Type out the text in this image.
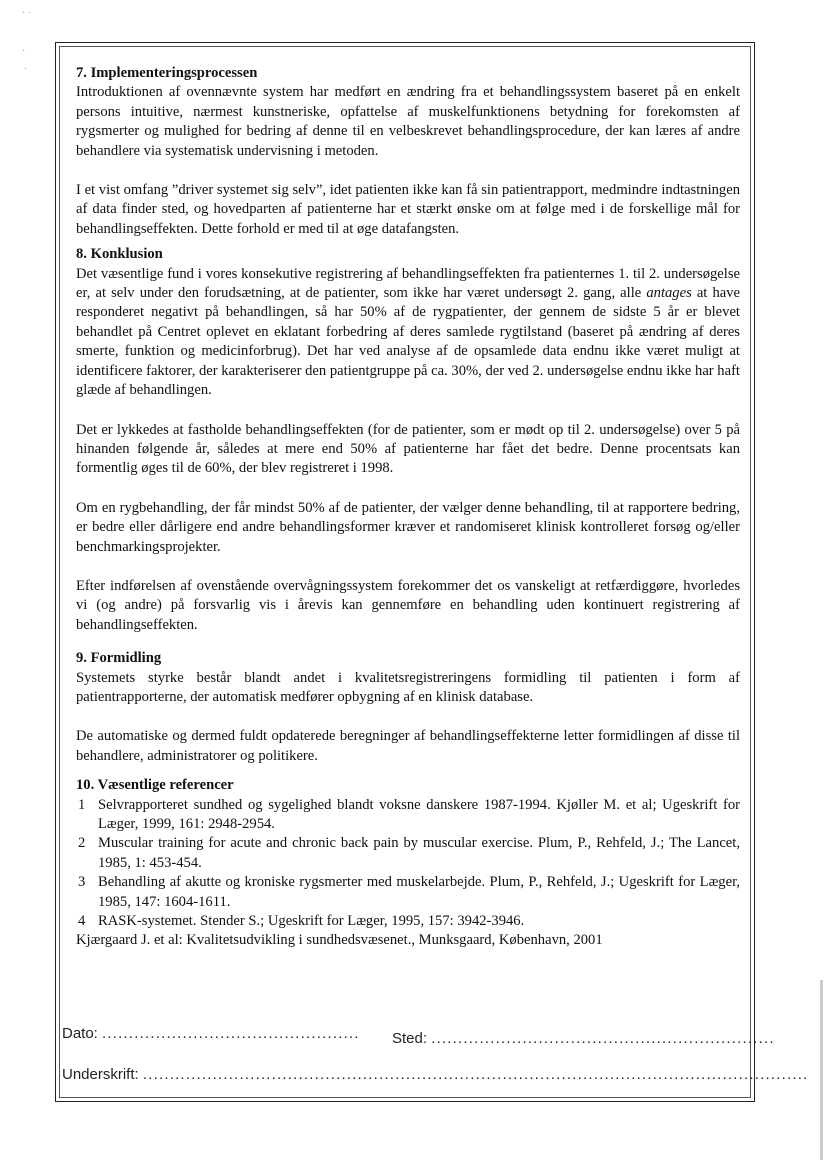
· ·
·
·	7. Implementeringsprocessen

Introduktionen af ovennævnte system har medført en ændring fra et behandlingssystem baseret på en enkelt persons intuitive, nærmest kunstneriske, opfattelse af muskelfunktionens betydning for forekomsten af rygsmerter og mulighed for bedring af denne til en velbeskrevet behandlingsprocedure, der kan læres af andre behandlere via systematisk undervisning i metoden.

I et vist omfang ”driver systemet sig selv”, idet patienten ikke kan få sin patientrapport, medmindre indtastningen af data finder sted, og hovedparten af patienterne har et stærkt ønske om at følge med i de forskellige mål for behandlingseffekten. Dette forhold er med til at øge datafangsten.

8. Konklusion

Det væsentlige fund i vores konsekutive registrering af behandlingseffekten fra patienternes 1. til 2. undersøgelse er, at selv under den forudsætning, at de patienter, som ikke har været undersøgt 2. gang, alle antages at have responderet negativt på behandlingen, så har 50% af de rygpatienter, der gennem de sidste 5 år er blevet behandlet på Centret oplevet en eklatant forbedring af deres samlede rygtilstand (baseret på ændring af deres smerte, funktion og medicinforbrug). Det har ved analyse af de opsamlede data endnu ikke været muligt at identificere faktorer, der karakteriserer den patientgruppe på ca. 30%, der ved 2. undersøgelse endnu ikke har haft glæde af behandlingen.

Det er lykkedes at fastholde behandlingseffekten (for de patienter, som er mødt op til 2. undersøgelse) over 5 på hinanden følgende år, således at mere end 50% af patienterne har fået det bedre. Denne procentsats kan formentlig øges til de 60%, der blev registreret i 1998.

Om en rygbehandling, der får mindst 50% af de patienter, der vælger denne behandling, til at rapportere bedring, er bedre eller dårligere end andre behandlingsformer kræver et randomiseret klinisk kontrolleret forsøg og/eller benchmarkingsprojekter.

Efter indførelsen af ovenstående overvågningssystem forekommer det os vanskeligt at retfærdiggøre, hvorledes vi (og andre) på forsvarlig vis i årevis kan gennemføre en behandling uden kontinuert registrering af behandlingseffekten.

9. Formidling

Systemets styrke består blandt andet i kvalitetsregistreringens formidling til patienten i form af patientrapporterne, der automatisk medfører opbygning af en klinisk database.

De automatiske og dermed fuldt opdaterede beregninger af behandlingseffekterne letter formidlingen af disse til behandlere, administratorer og politikere.

10. Væsentlige referencer
1 Selvrapporteret sundhed og sygelighed blandt voksne danskere 1987-1994. Kjøller M. et al; Ugeskrift for Læger, 1999, 161: 2948-2954.
2 Muscular training for acute and chronic back pain by muscular exercise. Plum, P., Rehfeld, J.; The Lancet, 1985, 1: 453-454.
3 Behandling af akutte og kroniske rygsmerter med muskelarbejde. Plum, P., Rehfeld, J.; Ugeskrift for Læger, 1985, 147: 1604-1611.
4 RASK-systemet. Stender S.; Ugeskrift for Læger, 1995, 157: 3942-3946.

Kjærgaard J. et al: Kvalitetsudvikling i sundhedsvæsenet., Munksgaard, København, 2001

Dato: ................................................	Sted: ................................................................
Underskrift: ............................................................................................................................
